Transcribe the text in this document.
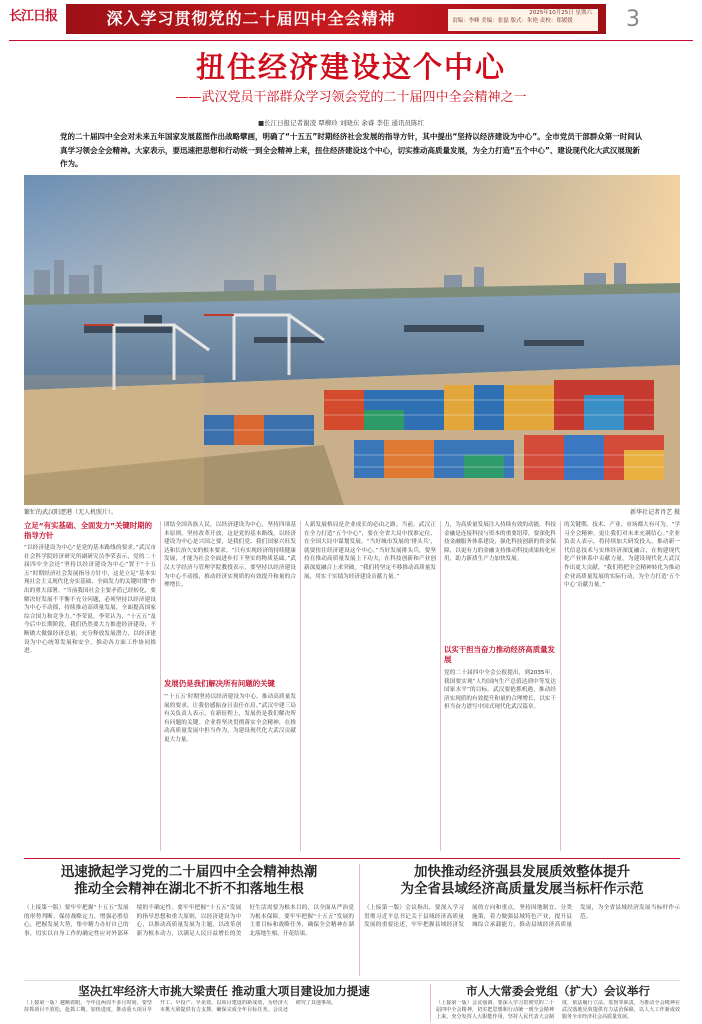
长江日报	深入学习贯彻党的二十届四中全会精神	2025年10月25日 星期六
责编：李峰 美编：张磊 版式：朱艳 责校：郑媛媛	3
扭住经济建设这个中心
——武汉党员干部群众学习领会党的二十届四中全会精神之一
■长江日报记者谢凌 覃柳玲 刘晓东 余睿 李佳 通讯员陈红
党的二十届四中全会对未来五年国家发展蓝图作出战略擘画，明确了“十五五”时期经济社会发展的指导方针，其中提出“坚持以经济建设为中心”。全市党员干部群众第一时间认真学习领会全会精神。大家表示，要迅速把思想和行动统一到全会精神上来，扭住经济建设这个中心，切实推动高质量发展，为全力打造“五个中心”、建设现代化大武汉展现新作为。
繁忙的武汉阳逻港（无人机照片）。	新华社记者肖艺 摄
立足“有实基础、全面发力”关键时期的指导方针
“以经济建设为中心”是党的基本路线的要求。”武汉市社会科学院经济研究所副研究员李荣表示，党的二十届四中全会还“坚持以经济建设为中心”置于“十五五”时期经济社会发展指导方针中，这是立足“基本实现社会主义现代化夯实基础、全面发力的关键时期”作出的重大部署。“当前我国社会主要矛盾已经转化，要解决好发展不平衡不充分问题，必须坚持以经济建设为中心不动摇，持续推动高质量发展，全面提高国家综合国力和竞争力。”李荣说。李荣认为，“十五五”及今后中长期阶段，我们仍然要大力推进经济建设，不断做大做强经济总量，充分释放发展潜力，以经济建设为中心统筹发展和安全，推动各方面工作协同推进。
团结全国各族人民，以经济建设为中心，坚持四项基本原则，坚持改革开放，这是党的基本路线。以经济建设为中心是兴国之要，是我们党、我们国家兴旺发达和长治久安的根本要求。“只有实现经济的持续健康发展，才能为社会全面进步打下坚实的物质基础。”武汉大学经济与管理学院教授表示，要坚持以经济建设为中心不动摇，推动经济实现质的有效提升和量的合理增长。
发展仍是我们解决所有问题的关键
“‘十五五’时期坚持以经济建设为中心，推动高质量发展的要求，让我倍感振奋且责任在肩。”武汉中建三局有关负责人表示，在新征程上，发展仍是我们解决所有问题的关键。企业将坚决贯彻落实全会精神，在推动高质量发展中担当作为，为建设现代化大武汉贡献更大力量。
人新发展格局是企业成长的必由之路。当前，武汉正在全力打造“五个中心”，要在全省大局中找准定位、在全国大局中谋划发展。“当好城市发展的‘排头兵’，就要扭住经济建设这个中心。”当好发展排头兵，要坚持在推动高质量发展上下功夫，在科技创新和产业创新深度融合上求突破。“我们将坚定不移推动高质量发展，用实干实绩为经济建设贡献力量。”
力，为高质量发展注入持续有效的动能。科技金融是连接科技与资本的重要纽带，要深化科技金融服务体系建设，强化科技创新的资金保障，以更有力的金融支持推动科技成果转化应用，助力新质生产力加快发展。
以实干担当奋力推动经济高质量发展
党的二十届四中全会公报提出，到2035年，我国要实现“人均国内生产总值达到中等发达国家水平”的目标。武汉要抢抓机遇，推动经济实现质的有效提升和量的合理增长，以实干担当奋力谱写中国式现代化武汉篇章。
的关键期、技术、产业、市场都大有可为。“学习全会精神，更让我们对未来充满信心。”企业负责人表示，将持续加大研发投入，推动新一代信息技术与实体经济深度融合，在构建现代化产业体系中贡献力量，为建设现代化大武汉作出更大贡献。“我们将把全会精神转化为推动企业高质量发展的实际行动，为全力打造‘五个中心’贡献力量。”
迅速掀起学习党的二十届四中全会精神热潮
推动全会精神在湖北不折不扣落地生根
（上接第一版）要牢牢把握“十五五”发展的形势判断，保持战略定力，增强必胜信心，把握发展大势，集中精力办好自己的事，切实以自身工作的确定性应对外部环境的不确定性。要牢牢把握“十五五”发展的指导思想和重大原则，以经济建设为中心，以推动高质量发展为主题，以改革创新为根本动力，以满足人民日益增长的美好生活需要为根本目的，以全面从严治党为根本保障。要牢牢把握“十五五”发展的主要目标和战略任务，确保全会精神在湖北落地生根、开花结果。
加快推动经济强县发展质效整体提升
为全省县域经济高质量发展当标杆作示范
（上接第一版）会议指出，要深入学习贯彻习近平总书记关于县域经济高质量发展的重要论述，牢牢把握县域经济发展的方向和重点，坚持因地制宜、分类施策，着力做强县域特色产业，提升县城综合承载能力，推动县域经济高质量发展，为全省县域经济发展当标杆作示范。
坚决扛牢经济大市挑大梁责任 推动重大项目建设加力提速
（上接第一版）越顺着眼，今年这两周不多月时间，要坚持抓项目不放松，抢抓工期、加快进度，推动重大项目早开工、早投产、早见效。以项目建设的新成效，为经济大市挑大梁提供有力支撑，确保完成全年目标任务。会议还研究了其他事项。
市人大常委会党组（扩大）会议举行
（上接第一版）会议强调，要深入学习贯彻党的二十届四中全会精神，切实把思想和行动统一到全会精神上来，充分发挥人大职能作用，坚持人民代表大会制度，依法履行立法、监督等职责，为推动全会精神在武汉落地见效提供有力法治保障，以人大工作新成效服务全市经济社会高质量发展。
